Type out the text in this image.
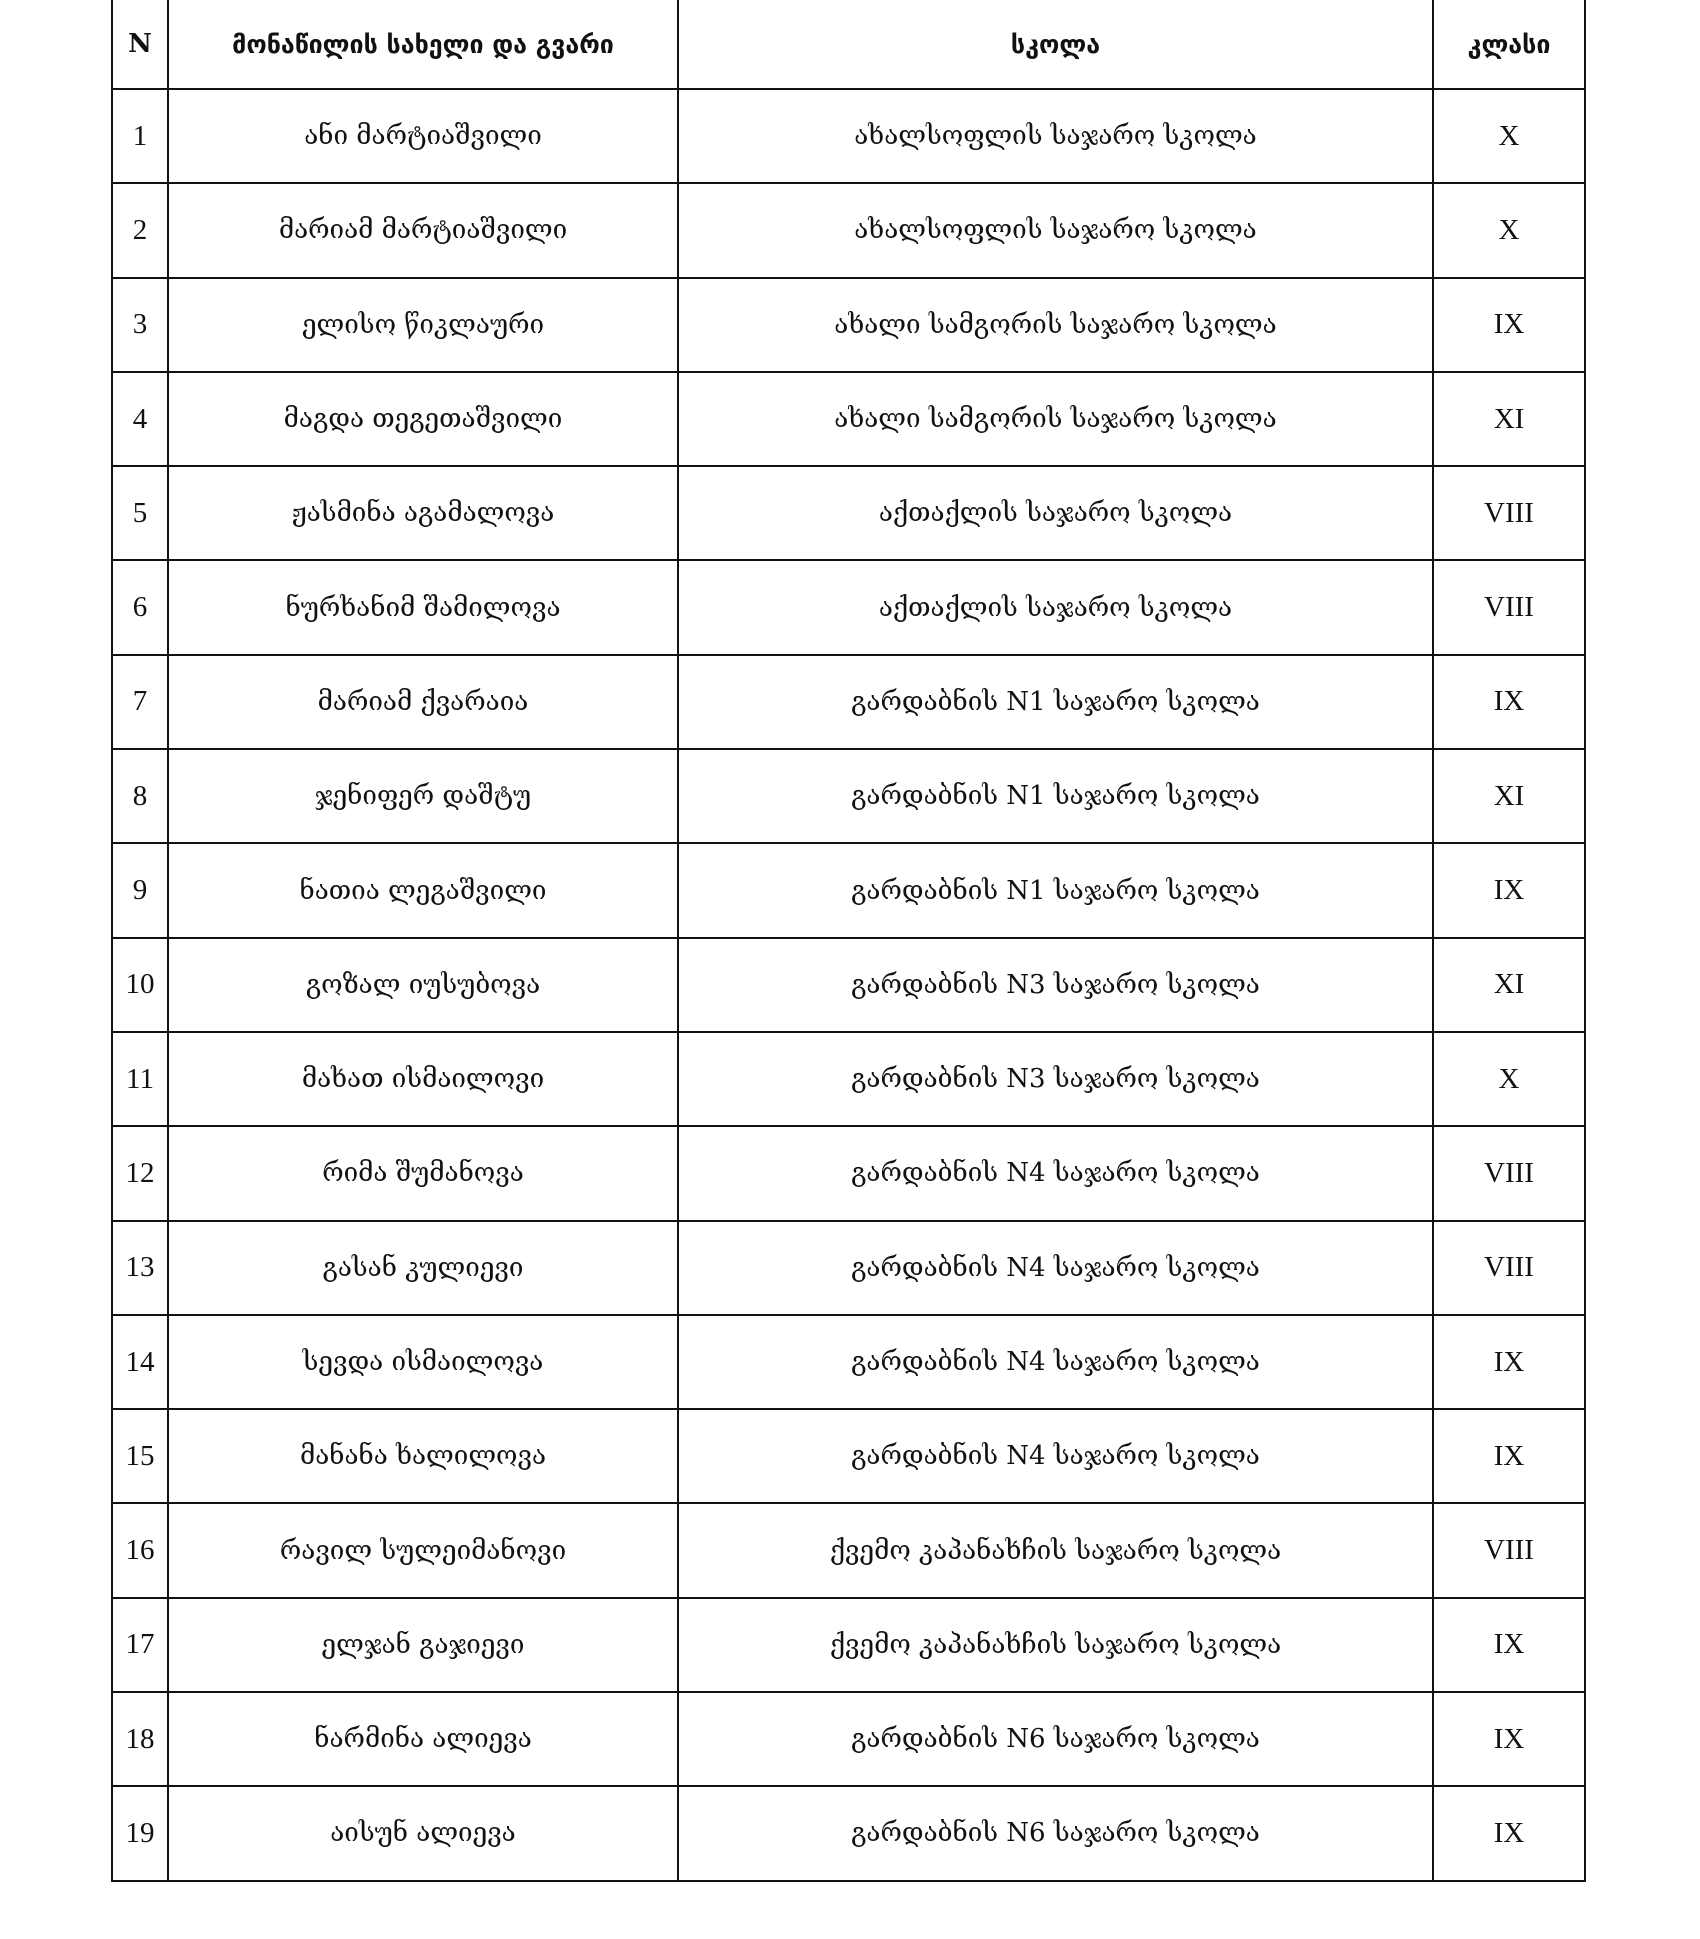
N	მონაწილის სახელი და გვარი	სკოლა	კლასი
1	ანი მარტიაშვილი	ახალსოფლის საჯარო სკოლა	X
2	მარიამ მარტიაშვილი	ახალსოფლის საჯარო სკოლა	X
3	ელისო წიკლაური	ახალი სამგორის საჯარო სკოლა	IX
4	მაგდა თეგეთაშვილი	ახალი სამგორის საჯარო სკოლა	XI
5	ჟასმინა აგამალოვა	აქთაქლის საჯარო სკოლა	VIII
6	ნურხანიმ შამილოვა	აქთაქლის საჯარო სკოლა	VIII
7	მარიამ ქვარაია	გარდაბნის N1 საჯარო სკოლა	IX
8	ჯენიფერ დაშტუ	გარდაბნის N1 საჯარო სკოლა	XI
9	ნათია ლეგაშვილი	გარდაბნის N1 საჯარო სკოლა	IX
10	გოზალ იუსუბოვა	გარდაბნის N3 საჯარო სკოლა	XI
11	მახათ ისმაილოვი	გარდაბნის N3 საჯარო სკოლა	X
12	რიმა შუმანოვა	გარდაბნის N4 საჯარო სკოლა	VIII
13	გასან კულიევი	გარდაბნის N4 საჯარო სკოლა	VIII
14	სევდა ისმაილოვა	გარდაბნის N4 საჯარო სკოლა	IX
15	მანანა ხალილოვა	გარდაბნის N4 საჯარო სკოლა	IX
16	რავილ სულეიმანოვი	ქვემო კაპანახჩის საჯარო სკოლა	VIII
17	ელჯან გაჯიევი	ქვემო კაპანახჩის საჯარო სკოლა	IX
18	ნარმინა ალიევა	გარდაბნის N6 საჯარო სკოლა	IX
19	აისუნ ალიევა	გარდაბნის N6 საჯარო სკოლა	IX
